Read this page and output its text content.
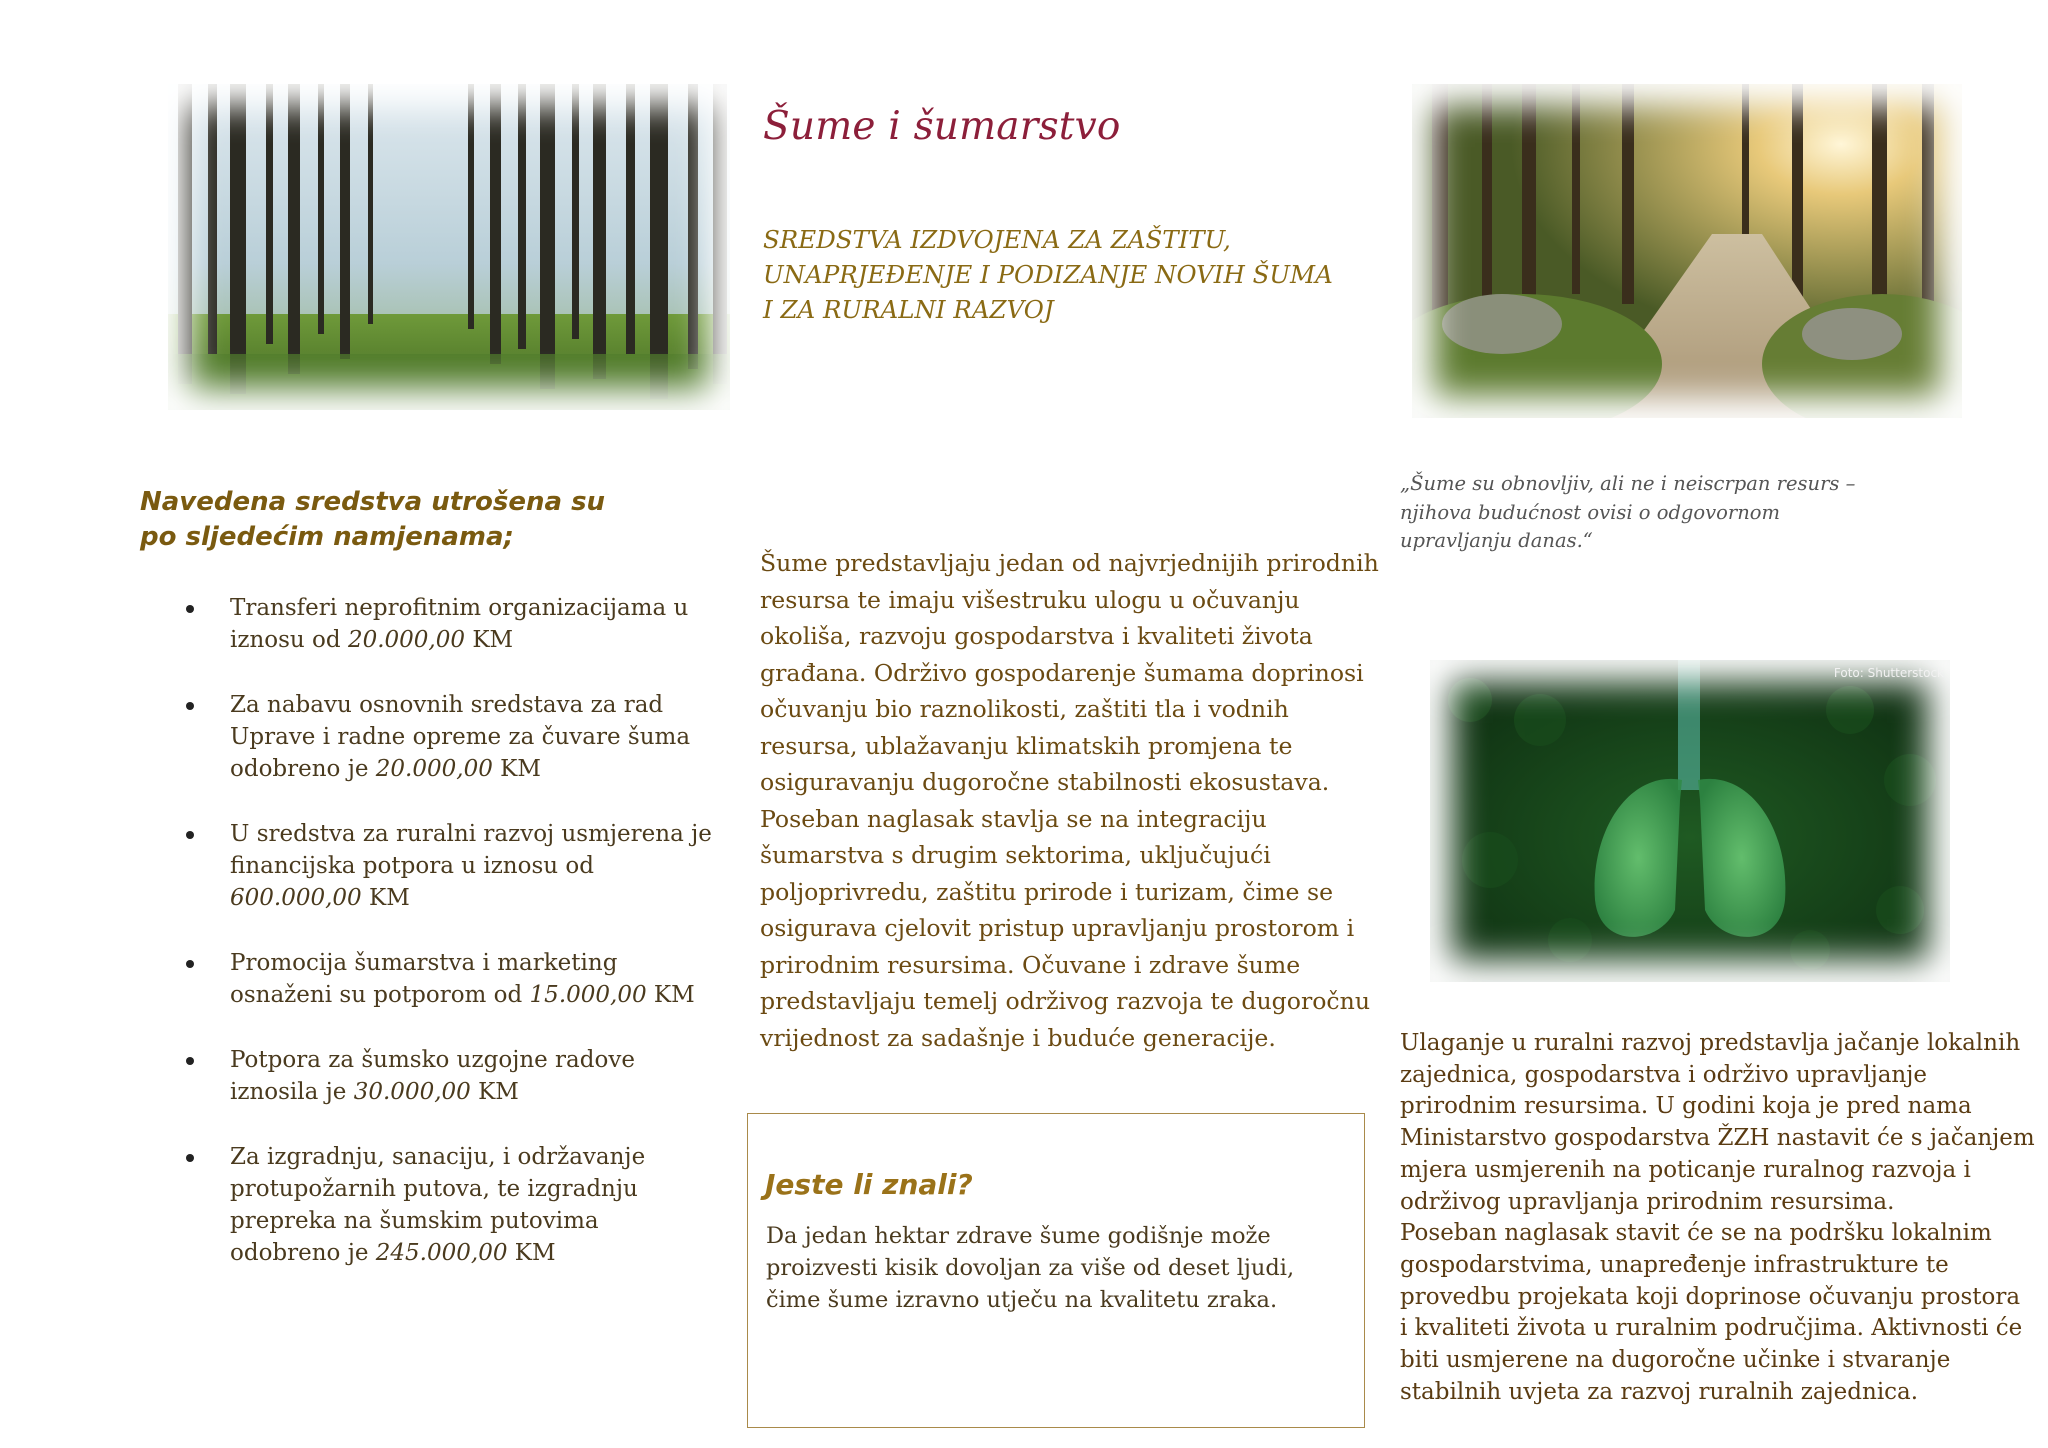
Foto: Shutterstock
Šume i šumarstvo
SREDSTVA IZDVOJENA ZA ZAŠTITU,
UNAPRJEĐENJE I PODIZANJE NOVIH ŠUMA
I ZA RURALNI RAZVOJ
Navedena sredstva utrošena su
po sljedećim namjenama;
Transferi neprofitnim organizacijama u
iznosu od 20.000,00 KM
Za nabavu osnovnih sredstava za rad
Uprave i radne opreme za čuvare šuma
odobreno je 20.000,00 KM
U sredstva za ruralni razvoj usmjerena je
financijska potpora u iznosu od
600.000,00 KM
Promocija šumarstva i marketing
osnaženi su potporom od 15.000,00 KM
Potpora za šumsko uzgojne radove
iznosila je 30.000,00 KM
Za izgradnju, sanaciju, i održavanje
protupožarnih putova, te izgradnju
prepreka na šumskim putovima
odobreno je 245.000,00 KM
Šume predstavljaju jedan od najvrjednijih prirodnih
resursa te imaju višestruku ulogu u očuvanju
okoliša, razvoju gospodarstva i kvaliteti života
građana. Održivo gospodarenje šumama doprinosi
očuvanju bio raznolikosti, zaštiti tla i vodnih
resursa, ublažavanju klimatskih promjena te
osiguravanju dugoročne stabilnosti ekosustava.
Poseban naglasak stavlja se na integraciju
šumarstva s drugim sektorima, uključujući
poljoprivredu, zaštitu prirode i turizam, čime se
osigurava cjelovit pristup upravljanju prostorom i
prirodnim resursima. Očuvane i zdrave šume
predstavljaju temelj održivog razvoja te dugoročnu
vrijednost za sadašnje i buduće generacije.
Jeste li znali?
Da jedan hektar zdrave šume godišnje može
proizvesti kisik dovoljan za više od deset ljudi,
čime šume izravno utječu na kvalitetu zraka.
„Šume su obnovljiv, ali ne i neiscrpan resurs –
njihova budućnost ovisi o odgovornom
upravljanju danas.“
Ulaganje u ruralni razvoj predstavlja jačanje lokalnih
zajednica, gospodarstva i održivo upravljanje
prirodnim resursima. U godini koja je pred nama
Ministarstvo gospodarstva ŽZH nastavit će s jačanjem
mjera usmjerenih na poticanje ruralnog razvoja i
održivog upravljanja prirodnim resursima.
Poseban naglasak stavit će se na podršku lokalnim
gospodarstvima, unapređenje infrastrukture te
provedbu projekata koji doprinose očuvanju prostora
i kvaliteti života u ruralnim područjima. Aktivnosti će
biti usmjerene na dugoročne učinke i stvaranje
stabilnih uvjeta za razvoj ruralnih zajednica.
